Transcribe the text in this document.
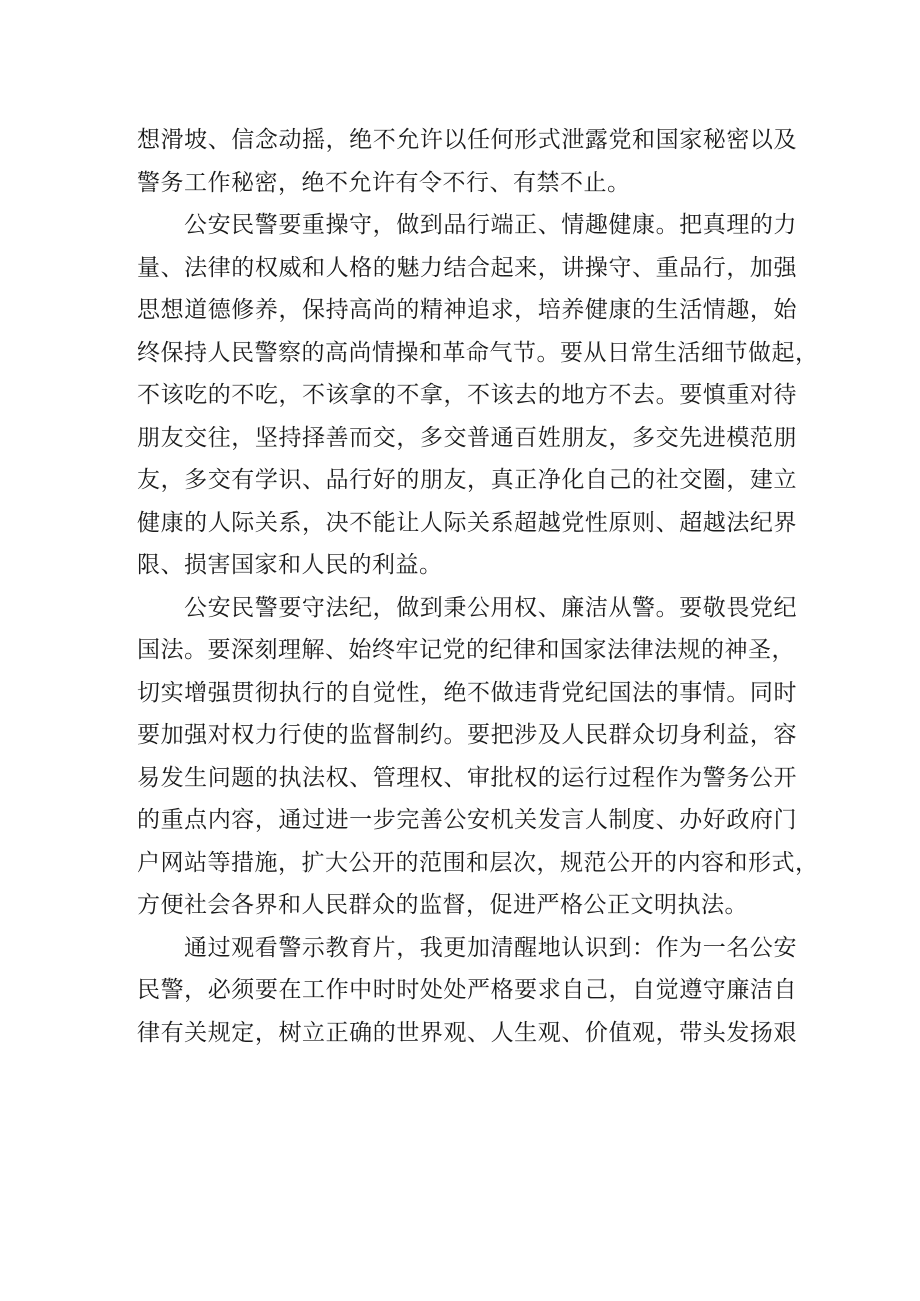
想滑坡、信念动摇，绝不允许以任何形式泄露党和国家秘密以及
警务工作秘密，绝不允许有令不行、有禁不止。
公安民警要重操守，做到品行端正、情趣健康。把真理的力
量、法律的权威和人格的魅力结合起来，讲操守、重品行，加强
思想道德修养，保持高尚的精神追求，培养健康的生活情趣，始
终保持人民警察的高尚情操和革命气节。要从日常生活细节做起，
不该吃的不吃，不该拿的不拿，不该去的地方不去。要慎重对待
朋友交往，坚持择善而交，多交普通百姓朋友，多交先进模范朋
友，多交有学识、品行好的朋友，真正净化自己的社交圈，建立
健康的人际关系，决不能让人际关系超越党性原则、超越法纪界
限、损害国家和人民的利益。
公安民警要守法纪，做到秉公用权、廉洁从警。要敬畏党纪
国法。要深刻理解、始终牢记党的纪律和国家法律法规的神圣，
切实增强贯彻执行的自觉性，绝不做违背党纪国法的事情。同时
要加强对权力行使的监督制约。要把涉及人民群众切身利益，容
易发生问题的执法权、管理权、审批权的运行过程作为警务公开
的重点内容，通过进一步完善公安机关发言人制度、办好政府门
户网站等措施，扩大公开的范围和层次，规范公开的内容和形式，
方便社会各界和人民群众的监督，促进严格公正文明执法。
通过观看警示教育片，我更加清醒地认识到：作为一名公安
民警，必须要在工作中时时处处严格要求自己，自觉遵守廉洁自
律有关规定，树立正确的世界观、人生观、价值观，带头发扬艰
